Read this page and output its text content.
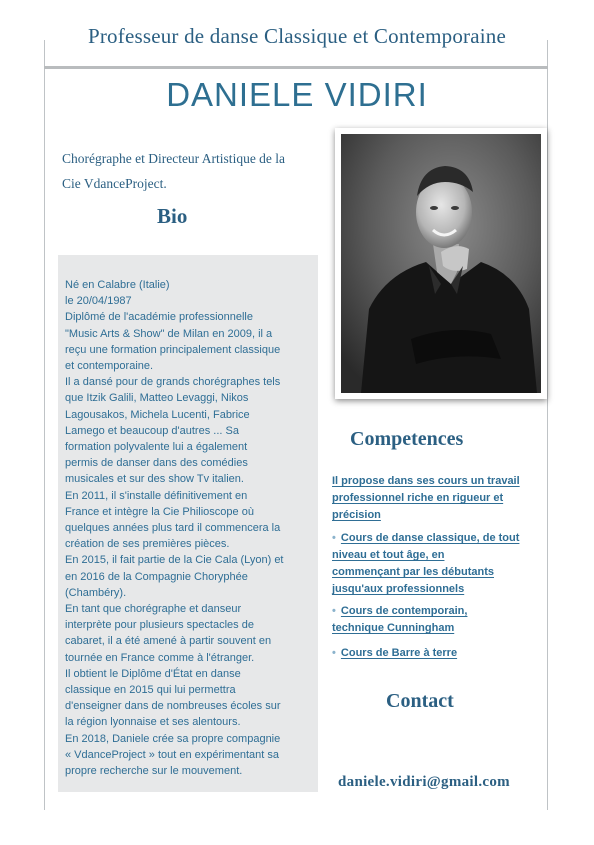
Professeur de danse Classique et Contemporaine
DANIELE VIDIRI
Chorégraphe et Directeur Artistique de la
Cie VdanceProject.
Bio
Né en Calabre (Italie)
le 20/04/1987
Diplômé de l'académie professionnelle
"Music Arts & Show" de Milan en 2009, il a
reçu une formation principalement classique
et contemporaine.
Il a dansé pour de grands chorégraphes tels
que Itzik Galili, Matteo Levaggi, Nikos
Lagousakos, Michela Lucenti, Fabrice
Lamego et beaucoup d'autres ... Sa
formation polyvalente lui a également
permis de danser dans des comédies
musicales et sur des show Tv italien.
En 2011, il s'installe définitivement en
France et intègre la Cie Philioscope où
quelques années plus tard il commencera la
création de ses premières pièces.
En 2015, il fait partie de la Cie Cala (Lyon) et
en 2016 de la Compagnie Choryphée
(Chambéry).
En tant que chorégraphe et danseur
interprète pour plusieurs spectacles de
cabaret, il a été amené à partir souvent en
tournée en France comme à l'étranger.
Il obtient le Diplôme d'État en danse
classique en 2015 qui lui permettra
d'enseigner dans de nombreuses écoles sur
la région lyonnaise et ses alentours.
En 2018, Daniele crée sa propre compagnie
« VdanceProject » tout en expérimentant sa
propre recherche sur le mouvement.
Competences
Il propose dans ses cours un travail
professionnel riche en rigueur et
précision
• Cours de danse classique, de tout
niveau et tout âge, en
commençant par les débutants
jusqu'aux professionnels
• Cours de contemporain,
technique Cunningham
• Cours de Barre à terre
Contact
daniele.vidiri@gmail.com
